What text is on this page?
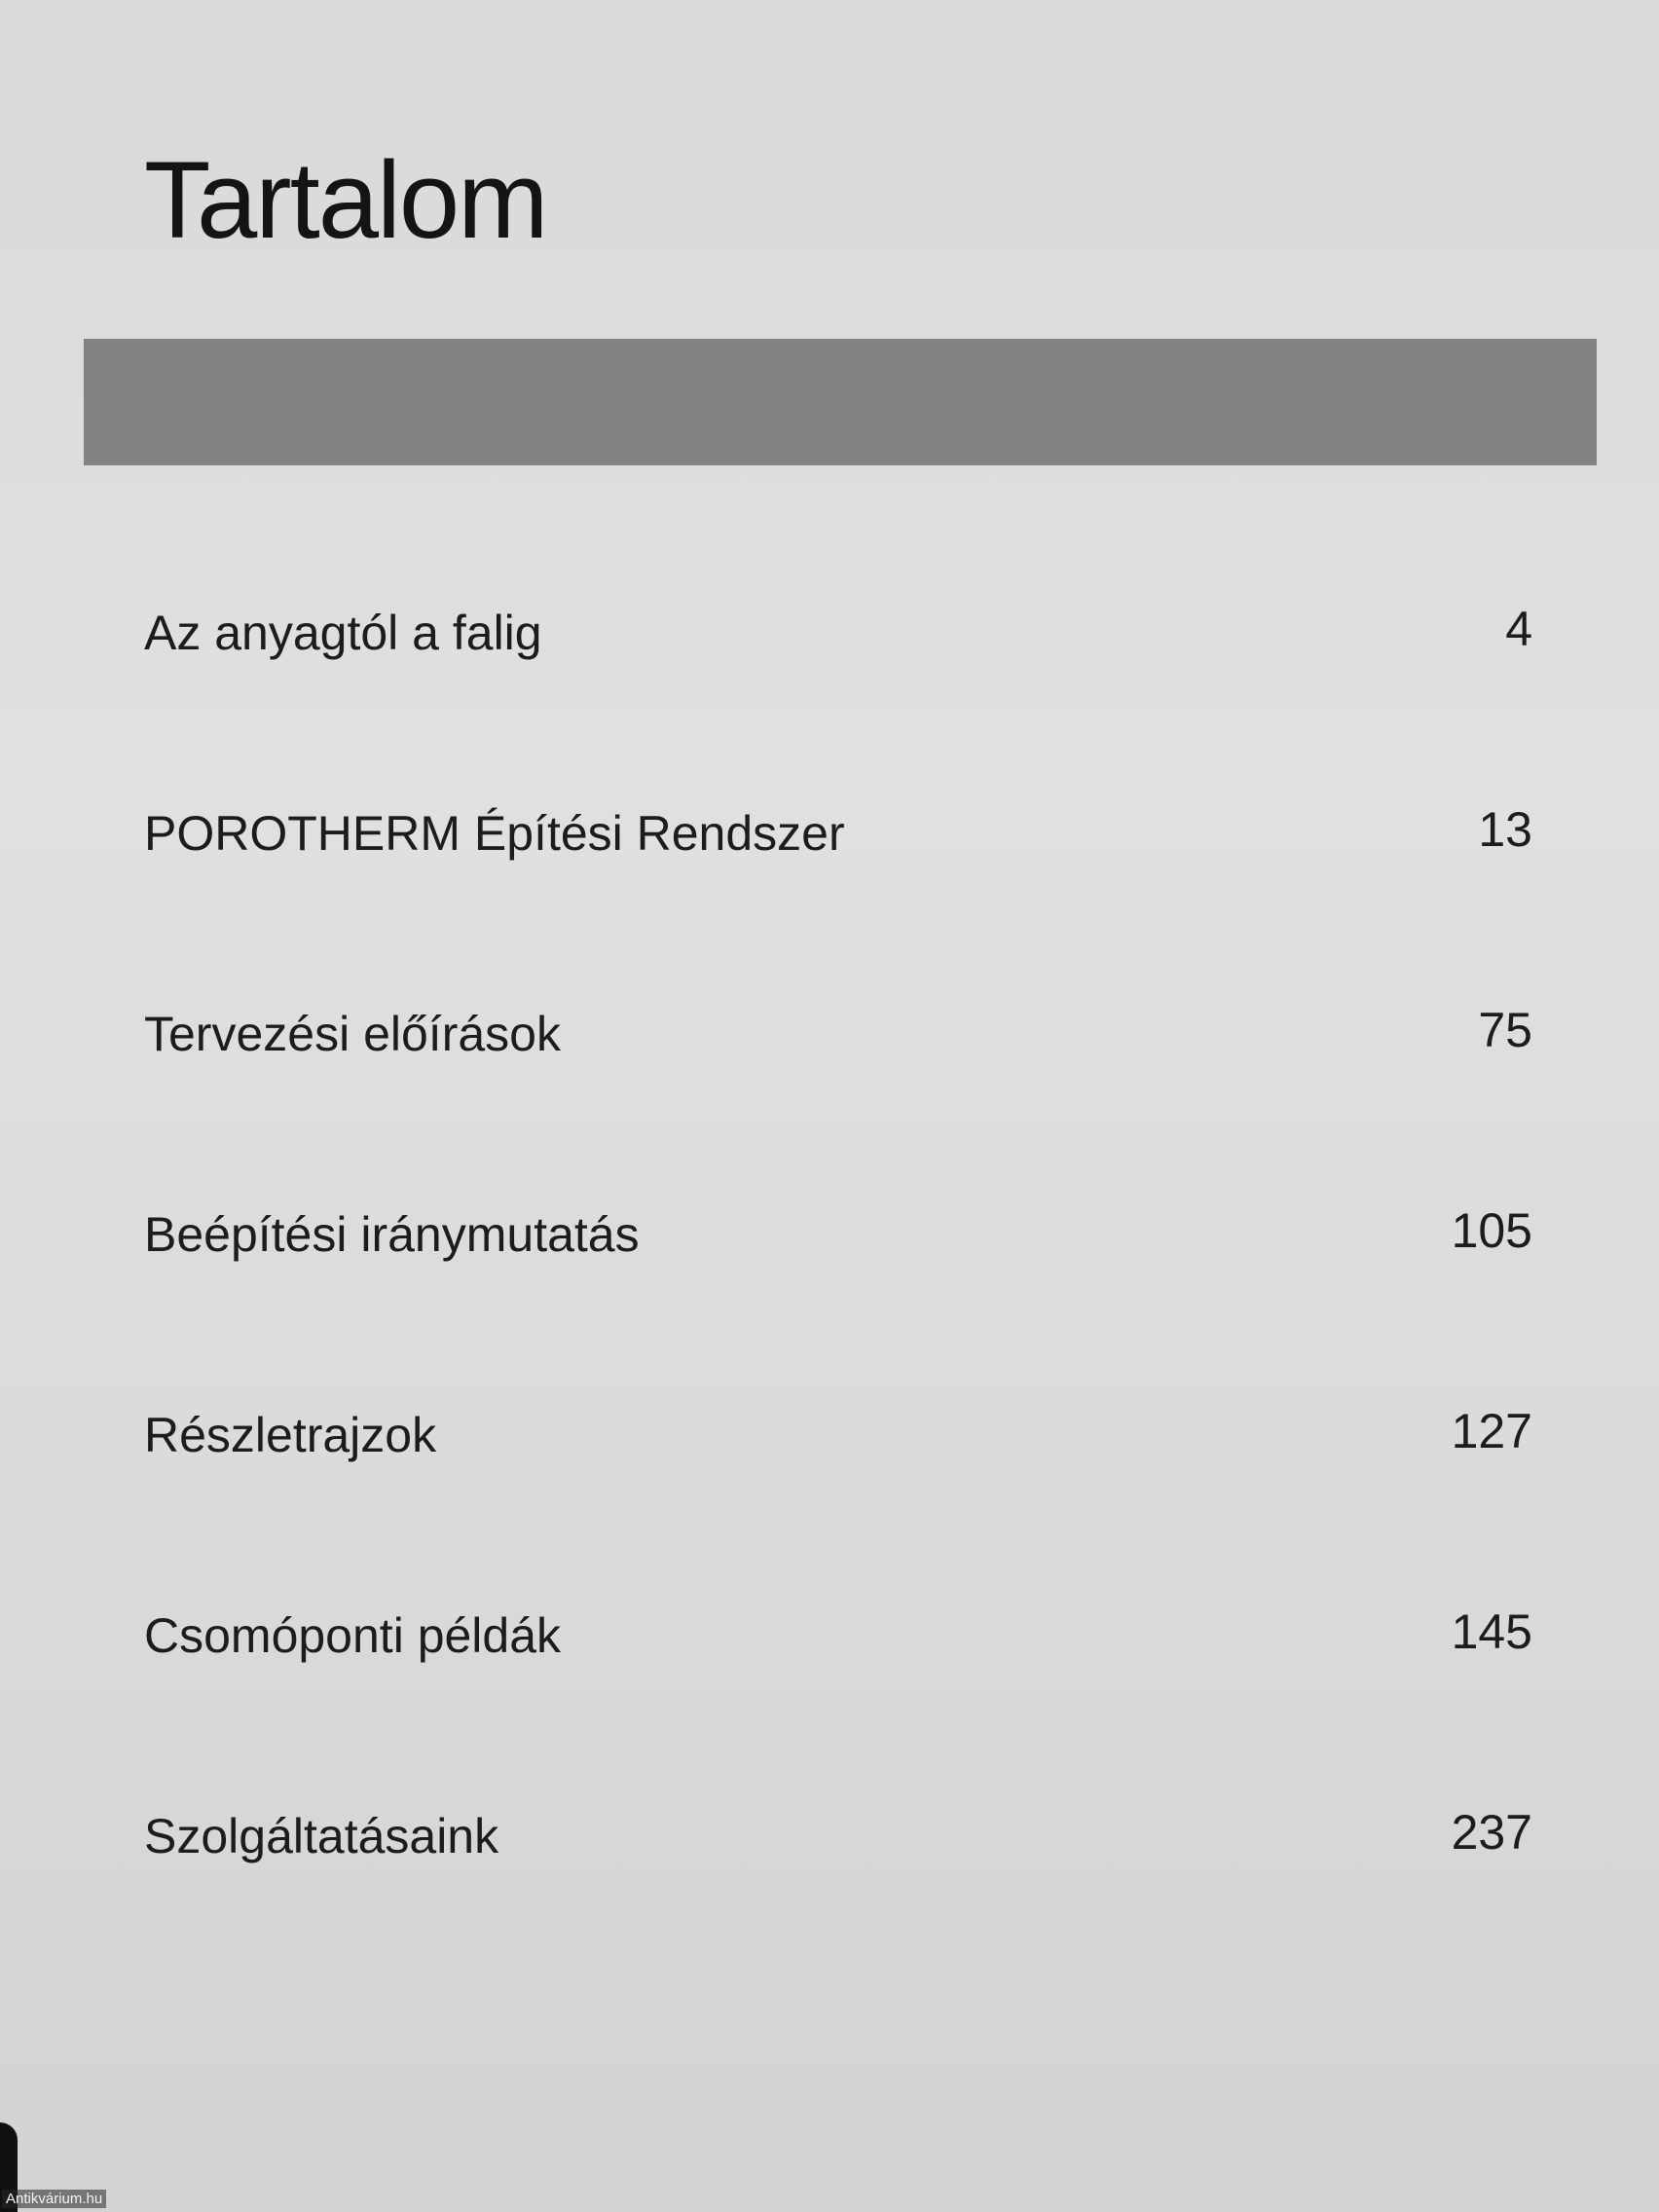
Tartalom
Az anyagtól a falig	4
POROTHERM Építési Rendszer	13
Tervezési előírások	75
Beépítési iránymutatás	105
Részletrajzok	127
Csomóponti példák	145
Szolgáltatásaink	237
Antikvárium.hu
